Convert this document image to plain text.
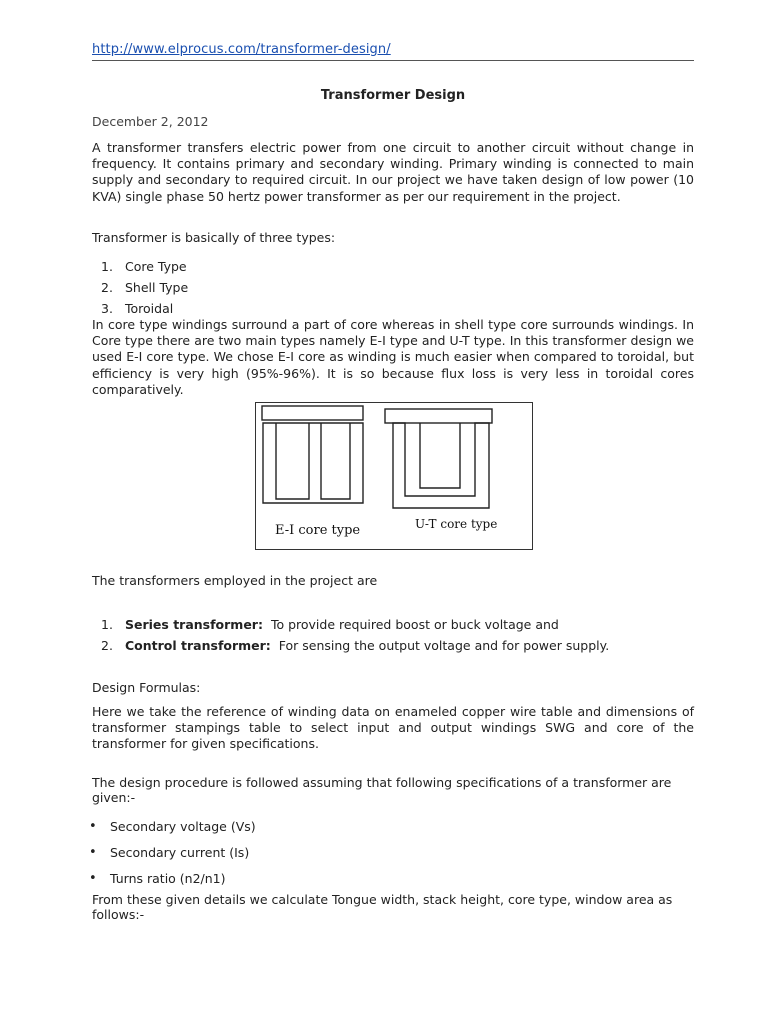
http://www.elprocus.com/transformer-design/
Transformer Design
December 2, 2012
A transformer transfers electric power from one circuit to another circuit without change in frequency. It contains primary and secondary winding. Primary winding is connected to main supply and secondary to required circuit. In our project we have taken design of low power (10 KVA) single phase 50 hertz power transformer as per our requirement in the project.
Transformer is basically of three types:
1. Core Type
2. Shell Type
3. Toroidal
In core type windings surround a part of core whereas in shell type core surrounds windings. In Core type there are two main types namely E-I type and U-T type. In this transformer design we used E-I core type. We chose E-I core as winding is much easier when compared to toroidal, but efficiency is very high (95%-96%). It is so because flux loss is very less in toroidal cores comparatively.
The transformers employed in the project are
1. Series transformer: To provide required boost or buck voltage and
2. Control transformer: For sensing the output voltage and for power supply.
Design Formulas:
Here we take the reference of winding data on enameled copper wire table and dimensions of transformer stampings table to select input and output windings SWG and core of the transformer for given specifications.
The design procedure is followed assuming that following specifications of a transformer are given:-
• Secondary voltage (Vs)
• Secondary current (Is)
• Turns ratio (n2/n1)
From these given details we calculate Tongue width, stack height, core type, window area as follows:-
E-I core type	U-T core type
